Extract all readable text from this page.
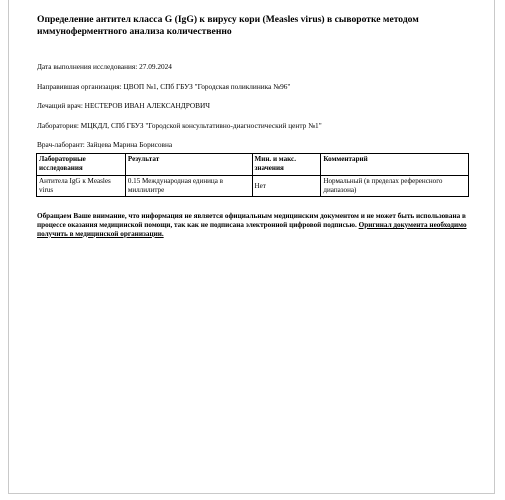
Определение антител класса G (IgG) к вирусу кори (Measles virus) в сыворотке методом иммуноферментного анализа количественно

Дата выполнения исследования: 27.09.2024

Направившая организация: ЦВОП №1, СПб ГБУЗ "Городская поликлиника №96"

Лечащий врач: НЕСТЕРОВ ИВАН АЛЕКСАНДРОВИЧ

Лаборатория: МЦКДЛ, СПб ГБУЗ "Городской консультативно-диагностический центр №1"

Врач-лаборант: Зайцева Марина Борисовна

Лабораторные исследования	Результат	Мин. и макс. значения	Комментарий
Антитела IgG к Measles virus	0.15 Международная единица в миллилитре	Нет	Нормальный (в пределах референсного диапазона)
Обращаем Ваше внимание, что информация не является официальным медицинским документом и не может быть использована в процессе оказания медицинской помощи, так как не подписана электронной цифровой подписью. Оригинал документа необходимо получить в медицинской организации.
